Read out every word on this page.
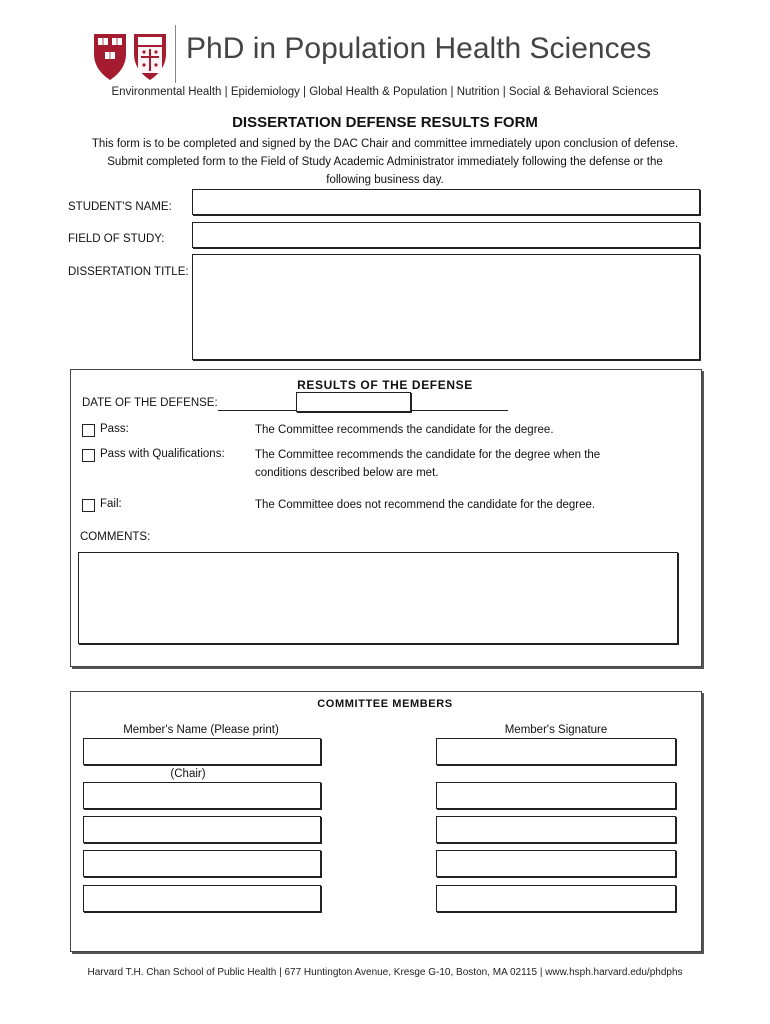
PhD in Population Health Sciences
Environmental Health | Epidemiology | Global Health & Population | Nutrition | Social & Behavioral Sciences
DISSERTATION DEFENSE RESULTS FORM
This form is to be completed and signed by the DAC Chair and committee immediately upon conclusion of defense.
Submit completed form to the Field of Study Academic Administrator immediately following the defense or the
following business day.
STUDENT'S NAME:
FIELD OF STUDY:
DISSERTATION TITLE:
RESULTS OF THE DEFENSE
DATE OF THE DEFENSE:
Pass:	The Committee recommends the candidate for the degree.
Pass with Qualifications:	The Committee recommends the candidate for the degree when the
conditions described below are met.
Fail:	The Committee does not recommend the candidate for the degree.
COMMENTS:
COMMITTEE MEMBERS
Member's Name (Please print)	Member's Signature
(Chair)
Harvard T.H. Chan School of Public Health | 677 Huntington Avenue, Kresge G-10, Boston, MA 02115 | www.hsph.harvard.edu/phdphs
